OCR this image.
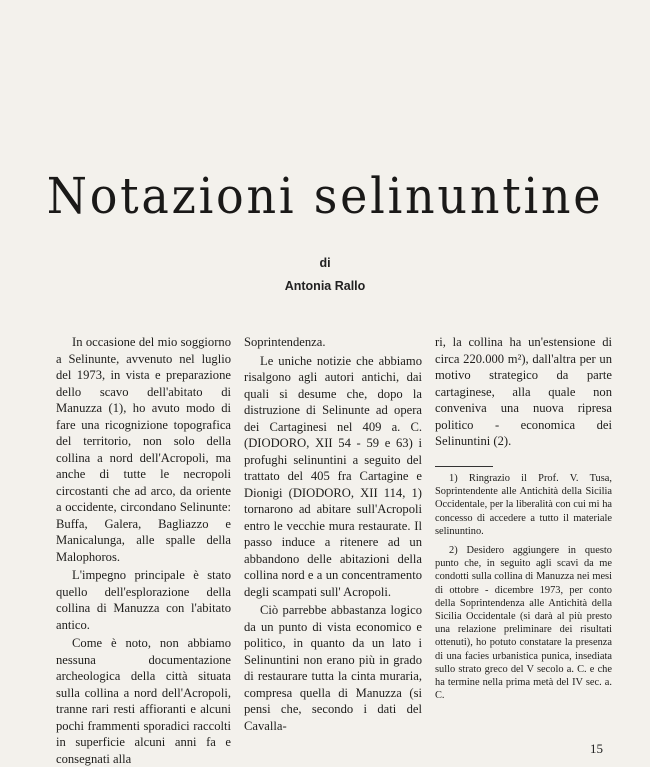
Notazioni selinuntine
di
Antonia Rallo

In occasione del mio soggiorno a Selinunte, avvenuto nel luglio del 1973, in vista e preparazione dello scavo dell'abitato di Manuzza (1), ho avuto modo di fare una ricognizione topografica del territorio, non solo della collina a nord dell'Acropoli, ma anche di tutte le necropoli circostanti che ad arco, da oriente a occidente, circondano Selinunte: Buffa, Galera, Bagliazzo e Manicalunga, alle spalle della Malophoros.

L'impegno principale è stato quello dell'esplorazione della collina di Manuzza con l'abitato antico.

Come è noto, non abbiamo nessuna documentazione archeologica della città situata sulla collina a nord dell'Acropoli, tranne rari resti affioranti e alcuni pochi frammenti sporadici raccolti in superficie alcuni anni fa e consegnati alla

Soprintendenza.

Le uniche notizie che abbiamo risalgono agli autori antichi, dai quali si desume che, dopo la distruzione di Selinunte ad opera dei Cartaginesi nel 409 a. C. (DIODORO, XII 54 - 59 e 63) i profughi selinuntini a seguito del trattato del 405 fra Cartagine e Dionigi (DIODORO, XII 114, 1) tornarono ad abitare sull'Acropoli entro le vecchie mura restaurate. Il passo induce a ritenere ad un abbandono delle abitazioni della collina nord e a un concentramento degli scampati sull' Acropoli.

Ciò parrebbe abbastanza logico da un punto di vista economico e politico, in quanto da un lato i Selinuntini non erano più in grado di restaurare tutta la cinta muraria, compresa quella di Manuzza (si pensi che, secondo i dati del Cavalla-

ri, la collina ha un'estensione di circa 220.000 m²), dall'altra per un motivo strategico da parte cartaginese, alla quale non conveniva una nuova ripresa politico - economica dei Selinuntini (2).

1) Ringrazio il Prof. V. Tusa, Soprintendente alle Antichità della Sicilia Occidentale, per la liberalità con cui mi ha concesso di accedere a tutto il materiale selinuntino.

2) Desidero aggiungere in questo punto che, in seguito agli scavi da me condotti sulla collina di Manuzza nei mesi di ottobre - dicembre 1973, per conto della Soprintendenza alle Antichità della Sicilia Occidentale (si darà al più presto una relazione preliminare dei risultati ottenuti), ho potuto constatare la presenza di una facies urbanistica punica, insediata sullo strato greco del V secolo a. C. e che ha termine nella prima metà del IV sec. a. C.

15
